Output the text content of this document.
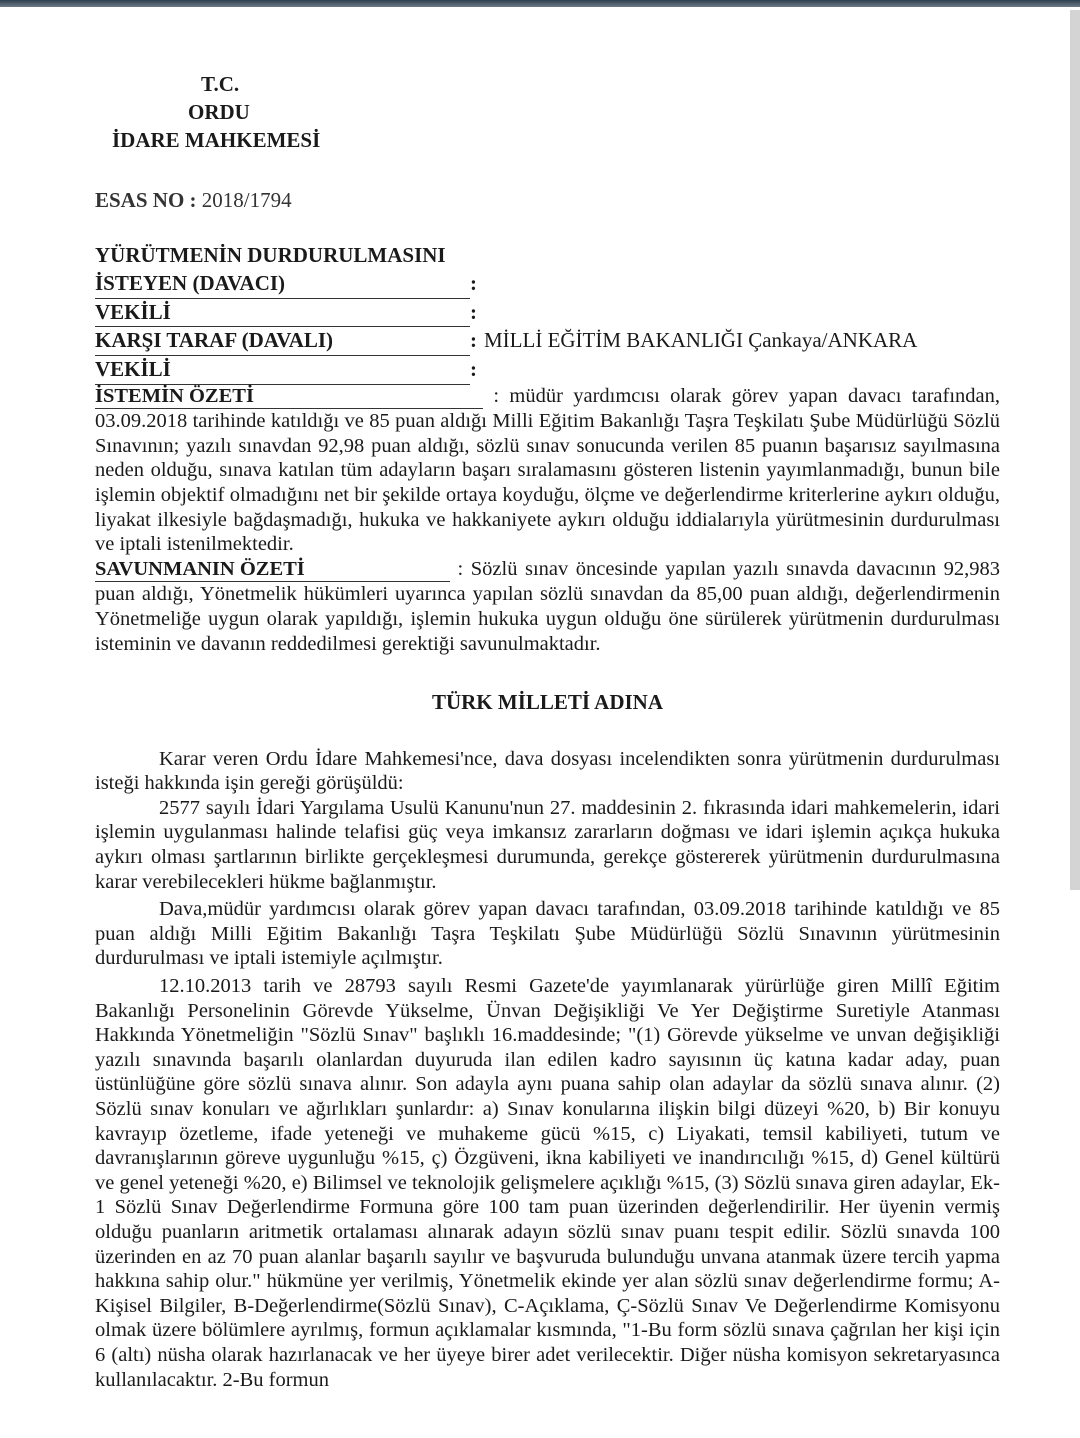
T.C.
ORDU
İDARE MAHKEMESİ
ESAS NO : 2018/1794
YÜRÜTMENİN DURDURULMASINI
İSTEYEN (DAVACI)	:
VEKİLİ	:
KARŞI TARAF (DAVALI)	: MİLLİ EĞİTİM BAKANLIĞI Çankaya/ANKARA
VEKİLİ	:

İSTEMİN ÖZETİ	: müdür yardımcısı olarak görev yapan davacı tarafından, 03.09.2018 tarihinde katıldığı ve 85 puan aldığı Milli Eğitim Bakanlığı Taşra Teşkilatı Şube Müdürlüğü Sözlü Sınavının; yazılı sınavdan 92,98 puan aldığı, sözlü sınav sonucunda verilen 85 puanın başarısız sayılmasına neden olduğu, sınava katılan tüm adayların başarı sıralamasını gösteren listenin yayımlanmadığı, bunun bile işlemin objektif olmadığını net bir şekilde ortaya koyduğu, ölçme ve değerlendirme kriterlerine aykırı olduğu, liyakat ilkesiyle bağdaşmadığı, hukuka ve hakkaniyete aykırı olduğu iddialarıyla yürütmesinin durdurulması ve iptali istenilmektedir.

SAVUNMANIN ÖZETİ	: Sözlü sınav öncesinde yapılan yazılı sınavda davacının 92,983 puan aldığı, Yönetmelik hükümleri uyarınca yapılan sözlü sınavdan da 85,00 puan aldığı, değerlendirmenin Yönetmeliğe uygun olarak yapıldığı, işlemin hukuka uygun olduğu öne sürülerek yürütmenin durdurulması isteminin ve davanın reddedilmesi gerektiği savunulmaktadır.

TÜRK MİLLETİ ADINA

Karar veren Ordu İdare Mahkemesi'nce, dava dosyası incelendikten sonra yürütmenin durdurulması isteği hakkında işin gereği görüşüldü:

2577 sayılı İdari Yargılama Usulü Kanunu'nun 27. maddesinin 2. fıkrasında idari mahkemelerin, idari işlemin uygulanması halinde telafisi güç veya imkansız zararların doğması ve idari işlemin açıkça hukuka aykırı olması şartlarının birlikte gerçekleşmesi durumunda, gerekçe göstererek yürütmenin durdurulmasına karar verebilecekleri hükme bağlanmıştır.

Dava,müdür yardımcısı olarak görev yapan davacı tarafından, 03.09.2018 tarihinde katıldığı ve 85 puan aldığı Milli Eğitim Bakanlığı Taşra Teşkilatı Şube Müdürlüğü Sözlü Sınavının yürütmesinin durdurulması ve iptali istemiyle açılmıştır.

12.10.2013 tarih ve 28793 sayılı Resmi Gazete'de yayımlanarak yürürlüğe giren Millî Eğitim Bakanlığı Personelinin Görevde Yükselme, Ünvan Değişikliği Ve Yer Değiştirme Suretiyle Atanması Hakkında Yönetmeliğin "Sözlü Sınav" başlıklı 16.maddesinde; "(1) Görevde yükselme ve unvan değişikliği yazılı sınavında başarılı olanlardan duyuruda ilan edilen kadro sayısının üç katına kadar aday, puan üstünlüğüne göre sözlü sınava alınır. Son adayla aynı puana sahip olan adaylar da sözlü sınava alınır. (2) Sözlü sınav konuları ve ağırlıkları şunlardır: a) Sınav konularına ilişkin bilgi düzeyi %20, b) Bir konuyu kavrayıp özetleme, ifade yeteneği ve muhakeme gücü %15, c) Liyakati, temsil kabiliyeti, tutum ve davranışlarının göreve uygunluğu %15, ç) Özgüveni, ikna kabiliyeti ve inandırıcılığı %15, d) Genel kültürü ve genel yeteneği %20, e) Bilimsel ve teknolojik gelişmelere açıklığı %15, (3) Sözlü sınava giren adaylar, Ek-1 Sözlü Sınav Değerlendirme Formuna göre 100 tam puan üzerinden değerlendirilir. Her üyenin vermiş olduğu puanların aritmetik ortalaması alınarak adayın sözlü sınav puanı tespit edilir. Sözlü sınavda 100 üzerinden en az 70 puan alanlar başarılı sayılır ve başvuruda bulunduğu unvana atanmak üzere tercih yapma hakkına sahip olur." hükmüne yer verilmiş, Yönetmelik ekinde yer alan sözlü sınav değerlendirme formu; A-Kişisel Bilgiler, B-Değerlendirme(Sözlü Sınav), C-Açıklama, Ç-Sözlü Sınav Ve Değerlendirme Komisyonu olmak üzere bölümlere ayrılmış, formun açıklamalar kısmında, "1-Bu form sözlü sınava çağrılan her kişi için 6 (altı) nüsha olarak hazırlanacak ve her üyeye birer adet verilecektir. Diğer nüsha komisyon sekretaryasınca kullanılacaktır. 2-Bu formun
